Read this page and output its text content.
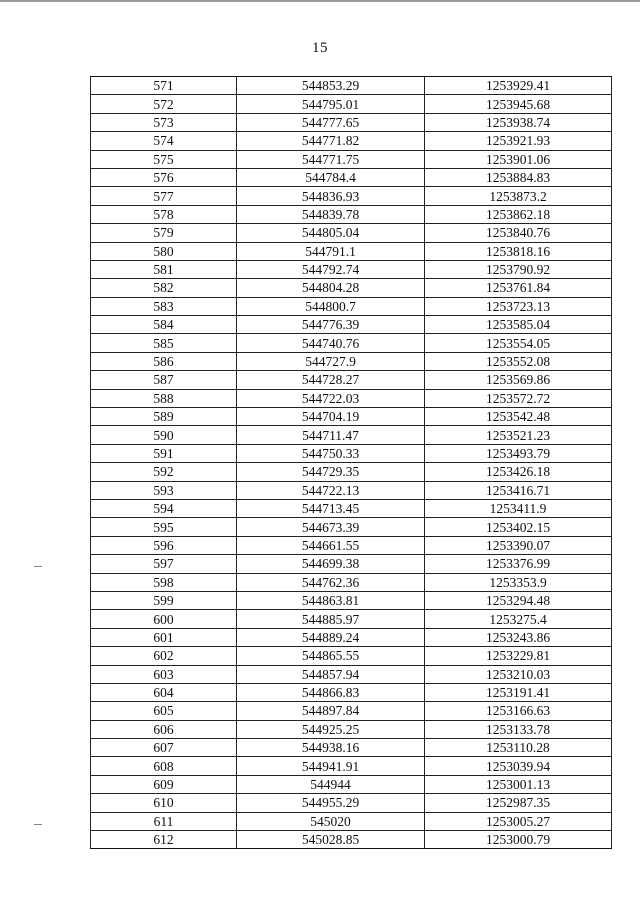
15
571	544853.29	1253929.41
572	544795.01	1253945.68
573	544777.65	1253938.74
574	544771.82	1253921.93
575	544771.75	1253901.06
576	544784.4	1253884.83
577	544836.93	1253873.2
578	544839.78	1253862.18
579	544805.04	1253840.76
580	544791.1	1253818.16
581	544792.74	1253790.92
582	544804.28	1253761.84
583	544800.7	1253723.13
584	544776.39	1253585.04
585	544740.76	1253554.05
586	544727.9	1253552.08
587	544728.27	1253569.86
588	544722.03	1253572.72
589	544704.19	1253542.48
590	544711.47	1253521.23
591	544750.33	1253493.79
592	544729.35	1253426.18
593	544722.13	1253416.71
594	544713.45	1253411.9
595	544673.39	1253402.15
596	544661.55	1253390.07
597	544699.38	1253376.99
598	544762.36	1253353.9
599	544863.81	1253294.48
600	544885.97	1253275.4
601	544889.24	1253243.86
602	544865.55	1253229.81
603	544857.94	1253210.03
604	544866.83	1253191.41
605	544897.84	1253166.63
606	544925.25	1253133.78
607	544938.16	1253110.28
608	544941.91	1253039.94
609	544944	1253001.13
610	544955.29	1252987.35
611	545020	1253005.27
612	545028.85	1253000.79
